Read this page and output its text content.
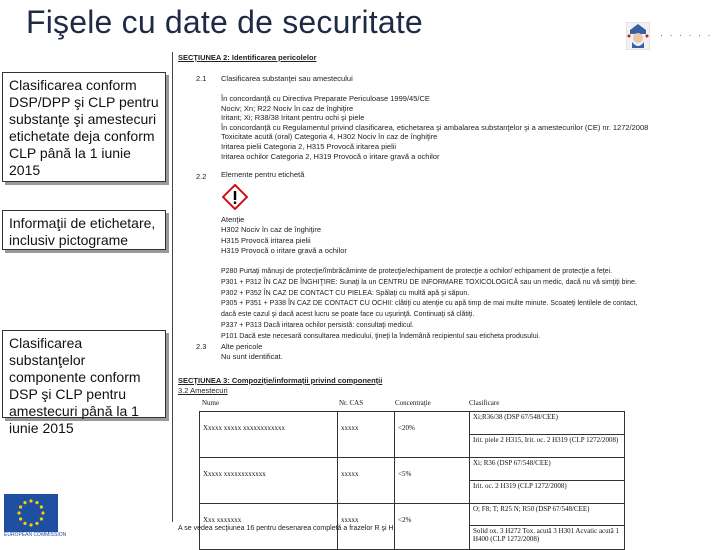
Fişele cu date de securitate	· · · · · ·
Clasificarea conform DSP/DPP şi CLP pentru substanţe şi amestecuri etichetate deja conform CLP până la 1 iunie 2015
Informaţii de etichetare, inclusiv pictograme
Clasificarea substanţelor componente conform DSP şi CLP pentru amestecuri până la 1 iunie 2015
EUROPEAN COMMISSION
SECŢIUNEA 2: Identificarea pericolelor
2.1 Clasificarea substanţei sau amestecului
În concordanţă cu Directiva Preparate Periculoase 1999/45/CE
Nociv; Xn; R22 Nociv în caz de înghiţire
Iritant; Xi; R38/38 Iritant pentru ochi şi piele
În concordanţă cu Regulamentul privind clasificarea, etichetarea şi ambalarea substanţelor şi a amestecurilor (CE) nr. 1272/2008
Toxicitate acută (oral) Categoria 4, H302 Nociv în caz de înghiţire
Iritarea pielii Categoria 2, H315 Provocă iritarea pielii
Iritarea ochilor Categoria 2, H319 Provocă o iritare gravă a ochilor
2.2 Elemente pentru etichetă
Atenţie
H302 Nociv în caz de înghiţire
H315 Provocă iritarea pielii
H319 Provocă o iritare gravă a ochilor
P280 Purtaţi mănuşi de protecţie/îmbrăcăminte de protecţie/echipament de protecţie a ochilor/ echipament de protecţie a feţei.
P301 + P312 ÎN CAZ DE ÎNGHIŢIRE: Sunaţi la un CENTRU DE INFORMARE TOXICOLOGICĂ sau un medic, dacă nu vă simţiţi bine.
P302 + P352 ÎN CAZ DE CONTACT CU PIELEA: Spălaţi cu multă apă şi săpun.
P305 + P351 + P338 ÎN CAZ DE CONTACT CU OCHII: clătiţi cu atenţie cu apă timp de mai multe minute. Scoateţi lentilele de contact,
dacă este cazul şi dacă acest lucru se poate face cu uşurinţă. Continuaţi să clătiţi.
P337 + P313 Dacă iritarea ochilor persistă: consultaţi medicul.
P101 Dacă este necesară consultarea medicului, ţineţi la îndemână recipientul sau eticheta produsului.
2.3 Alte pericole
Nu sunt identificat.
SECŢIUNEA 3: Compoziţie/informaţii privind componenţii
3.2 Amestecuri
Nume	Nr. CAS	Concentraţie	Clasificare
Xxxxx xxxxx xxxxxxxxxxxx	xxxxx	<20%	Xi;R36/38 (DSP 67/548/CEE)
			Irit. piele 2 H315, Irit. oc. 2 H319 (CLP 1272/2008)
Xxxxx xxxxxxxxxxxx	xxxxx	<5%	Xi; R36 (DSP 67/548/CEE)
			Irit. oc. 2 H319 (CLP 1272/2008)
Xxx xxxxxxx	xxxxx	<2%	O; F8; T; R25 N; R50 (DSP 67/548/CEE)
			Solid ox. 3 H272 Tox. acută 3 H301 Acvatic acută 1 H400 (CLP 1272/2008)
A se vedea secţiunea 16 pentru desenarea completă a frazelor R şi H.
